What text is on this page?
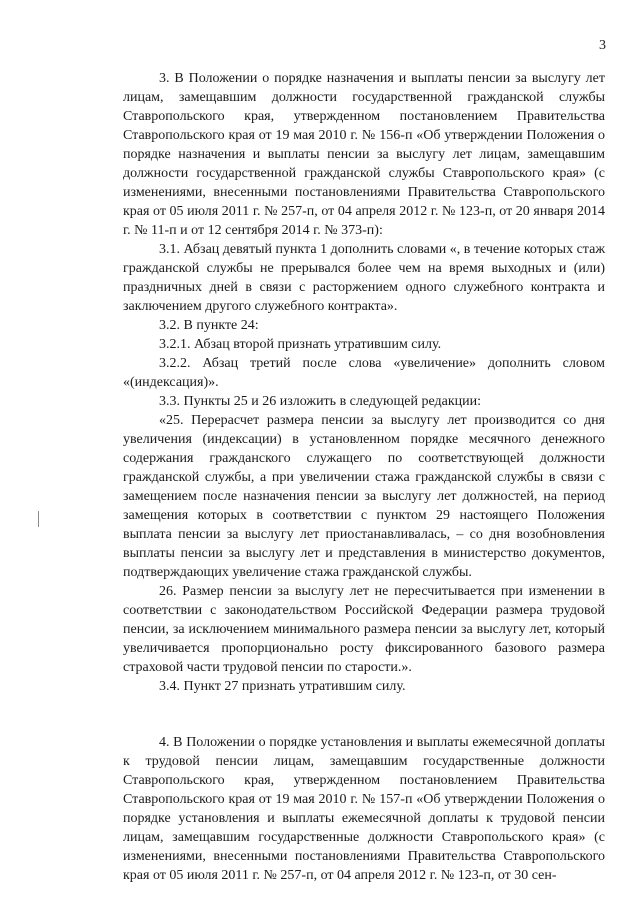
3

3. В Положении о порядке назначения и выплаты пенсии за выслугу лет лицам, замещавшим должности государственной гражданской службы Ставропольского края, утвержденном постановлением Правительства Ставропольского края от 19 мая 2010 г. № 156-п «Об утверждении Положения о порядке назначения и выплаты пенсии за выслугу лет лицам, замещавшим должности государственной гражданской службы Ставропольского края» (с изменениями, внесенными постановлениями Правительства Ставропольского края от 05 июля 2011 г. № 257-п, от 04 апреля 2012 г. № 123-п, от 20 января 2014 г. № 11-п и от 12 сентября 2014 г. № 373-п):

3.1. Абзац девятый пункта 1 дополнить словами «, в течение которых стаж гражданской службы не прерывался более чем на время выходных и (или) праздничных дней в связи с расторжением одного служебного контракта и заключением другого служебного контракта».

3.2. В пункте 24:

3.2.1. Абзац второй признать утратившим силу.

3.2.2. Абзац третий после слова «увеличение» дополнить словом «(индексация)».

3.3. Пункты 25 и 26 изложить в следующей редакции:

«25. Перерасчет размера пенсии за выслугу лет производится со дня увеличения (индексации) в установленном порядке месячного денежного содержания гражданского служащего по соответствующей должности гражданской службы, а при увеличении стажа гражданской службы в связи с замещением после назначения пенсии за выслугу лет должностей, на период замещения которых в соответствии с пунктом 29 настоящего Положения выплата пенсии за выслугу лет приостанавливалась, – со дня возобновления выплаты пенсии за выслугу лет и представления в министерство документов, подтверждающих увеличение стажа гражданской службы.

26. Размер пенсии за выслугу лет не пересчитывается при изменении в соответствии с законодательством Российской Федерации размера трудовой пенсии, за исключением минимального размера пенсии за выслугу лет, который увеличивается пропорционально росту фиксированного базового размера страховой части трудовой пенсии по старости.».

3.4. Пункт 27 признать утратившим силу.

4. В Положении о порядке установления и выплаты ежемесячной доплаты к трудовой пенсии лицам, замещавшим государственные должности Ставропольского края, утвержденном постановлением Правительства Ставропольского края от 19 мая 2010 г. № 157-п «Об утверждении Положения о порядке установления и выплаты ежемесячной доплаты к трудовой пенсии лицам, замещавшим государственные должности Ставропольского края» (с изменениями, внесенными постановлениями Правительства Ставропольского края от 05 июля 2011 г. № 257-п, от 04 апреля 2012 г. № 123-п, от 30 сен-
